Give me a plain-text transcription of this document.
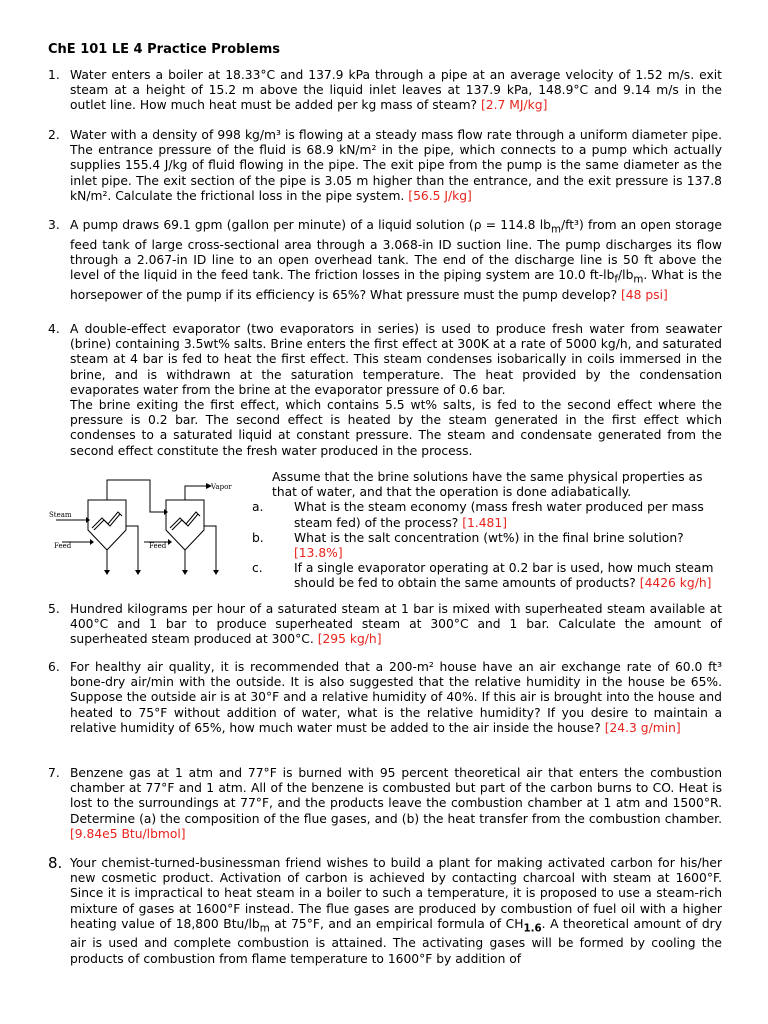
ChE 101 LE 4 Practice Problems
1. Water enters a boiler at 18.33°C and 137.9 kPa through a pipe at an average velocity of 1.52 m/s. exit steam at a height of 15.2 m above the liquid inlet leaves at 137.9 kPa, 148.9°C and 9.14 m/s in the outlet line. How much heat must be added per kg mass of steam? [2.7 MJ/kg]
2. Water with a density of 998 kg/m³ is flowing at a steady mass flow rate through a uniform diameter pipe. The entrance pressure of the fluid is 68.9 kN/m² in the pipe, which connects to a pump which actually supplies 155.4 J/kg of fluid flowing in the pipe. The exit pipe from the pump is the same diameter as the inlet pipe. The exit section of the pipe is 3.05 m higher than the entrance, and the exit pressure is 137.8 kN/m². Calculate the frictional loss in the pipe system. [56.5 J/kg]
3. A pump draws 69.1 gpm (gallon per minute) of a liquid solution (ρ = 114.8 $lb_m/ft^3$) from an open storage feed tank of large cross-sectional area through a 3.068-in ID suction line. The pump discharges its flow through a 2.067-in ID line to an open overhead tank. The end of the discharge line is 50 ft above the level of the liquid in the feed tank. The friction losses in the piping system are 10.0 $ft-lb_f/lb_m$. What is the horsepower of the pump if its efficiency is 65%? What pressure must the pump develop? [48 psi]
4. A double-effect evaporator (two evaporators in series) is used to produce fresh water from seawater (brine) containing 3.5wt% salts. Brine enters the first effect at 300K at a rate of 5000 kg/h, and saturated steam at 4 bar is fed to heat the first effect. This steam condenses isobarically in coils immersed in the brine, and is withdrawn at the saturation temperature. The heat provided by the condensation evaporates water from the brine at the evaporator pressure of 0.6 bar.
The brine exiting the first effect, which contains 5.5 wt% salts, is fed to the second effect where the pressure is 0.2 bar. The second effect is heated by the steam generated in the first effect which condenses to a saturated liquid at constant pressure. The steam and condensate generated from the second effect constitute the fresh water produced in the process.
Vapor
Steam
Feed	Feed
Assume that the brine solutions have the same physical properties as that of water, and that the operation is done adiabatically.
a. What is the steam economy (mass fresh water produced per mass steam fed) of the process? [1.481]
b. What is the salt concentration (wt%) in the final brine solution? [13.8%]
c.	If a single evaporator operating at 0.2 bar is used, how much steam should be fed to obtain the same amounts of products? [4426 kg/h]
5. Hundred kilograms per hour of a saturated steam at 1 bar is mixed with superheated steam available at 400°C and 1 bar to produce superheated steam at 300°C and 1 bar. Calculate the amount of superheated steam produced at 300°C. [295 kg/h]
6. For healthy air quality, it is recommended that a 200-m² house have an air exchange rate of 60.0 ft³ bone-dry air/min with the outside. It is also suggested that the relative humidity in the house be 65%. Suppose the outside air is at 30°F and a relative humidity of 40%. If this air is brought into the house and heated to 75°F without addition of water, what is the relative humidity? If you desire to maintain a relative humidity of 65%, how much water must be added to the air inside the house? [24.3 g/min]
7. Benzene gas at 1 atm and 77°F is burned with 95 percent theoretical air that enters the combustion chamber at 77°F and 1 atm. All of the benzene is combusted but part of the carbon burns to CO. Heat is lost to the surroundings at 77°F, and the products leave the combustion chamber at 1 atm and 1500°R. Determine (a) the composition of the flue gases, and (b) the heat transfer from the combustion chamber. [9.84e5 Btu/lbmol]
8. Your chemist-turned-businessman friend wishes to build a plant for making activated carbon for his/her new cosmetic product. Activation of carbon is achieved by contacting charcoal with steam at 1600°F. Since it is impractical to heat steam in a boiler to such a temperature, it is proposed to use a steam-rich mixture of gases at 1600°F instead. The flue gases are produced by combustion of fuel oil with a higher heating value of 18,800 Btu/$lb_m$ at 75°F, and an empirical formula of $CH_{1.6}$. A theoretical amount of dry air is used and complete combustion is attained. The activating gases will be formed by cooling the products of combustion from flame temperature to 1600°F by addition of
